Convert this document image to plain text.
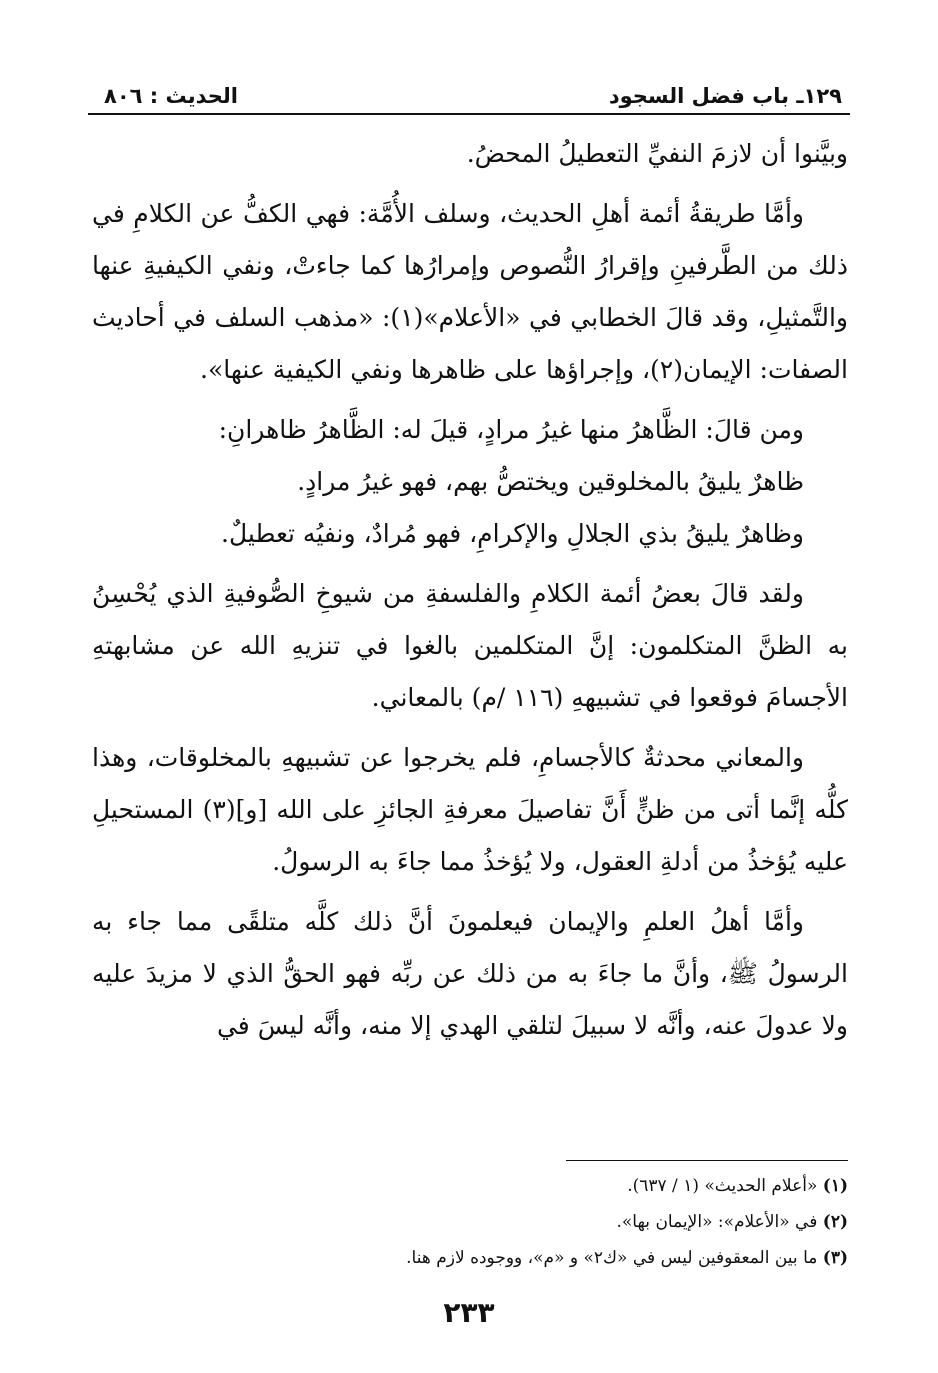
١٢٩ـ باب فضل السجود
الحديث : ٨٠٦

وبيَّنوا أن لازمَ النفيِّ التعطيلُ المحضُ.

وأمَّا طريقةُ أئمة أهلِ الحديث، وسلف الأُمَّة: فهي الكفُّ عن الكلامِ في ذلك من الطَّرفينِ وإقرارُ النُّصوص وإمرارُها كما جاءتْ، ونفي الكيفيةِ عنها والتَّمثيلِ، وقد قالَ الخطابي في «الأعلام»(١): «مذهب السلف في أحاديث الصفات: الإيمان(٢)، وإجراؤها على ظاهرها ونفي الكيفية عنها».

ومن قالَ: الظَّاهرُ منها غيرُ مرادٍ، قيلَ له: الظَّاهرُ ظاهرانِ:

ظاهرٌ يليقُ بالمخلوقين ويختصُّ بهم، فهو غيرُ مرادٍ.

وظاهرٌ يليقُ بذي الجلالِ والإكرامِ، فهو مُرادٌ، ونفيُه تعطيلٌ.

ولقد قالَ بعضُ أئمة الكلامِ والفلسفةِ من شيوخِ الصُّوفيةِ الذي يُحْسِنُ به الظنَّ المتكلمون: إنَّ المتكلمين بالغوا في تنزيهِ الله عن مشابهتهِ الأجسامَ فوقعوا في تشبيههِ (١١٦ /م) بالمعاني.

والمعاني محدثةٌ كالأجسامِ، فلم يخرجوا عن تشبيههِ بالمخلوقات، وهذا كلُّه إنَّما أتى من ظنٍّ أَنَّ تفاصيلَ معرفةِ الجائزِ على الله [و](٣) المستحيلِ عليه يُؤخذُ من أدلةِ العقول، ولا يُؤخذُ مما جاءَ به الرسولُ.

وأمَّا أهلُ العلمِ والإيمان فيعلمونَ أنَّ ذلك كلَّه متلقًى مما جاء به الرسولُ ﷺ، وأنَّ ما جاءَ به من ذلك عن ربِّه فهو الحقُّ الذي لا مزيدَ عليه ولا عدولَ عنه، وأنَّه لا سبيلَ لتلقي الهدي إلا منه، وأنَّه ليسَ في

(١) «أعلام الحديث» (١ / ٦٣٧).

(٢) في «الأعلام»: «الإيمان بها».

(٣) ما بين المعقوفين ليس في «ك٢» و «م»، ووجوده لازم هنا.

٢٣٣
